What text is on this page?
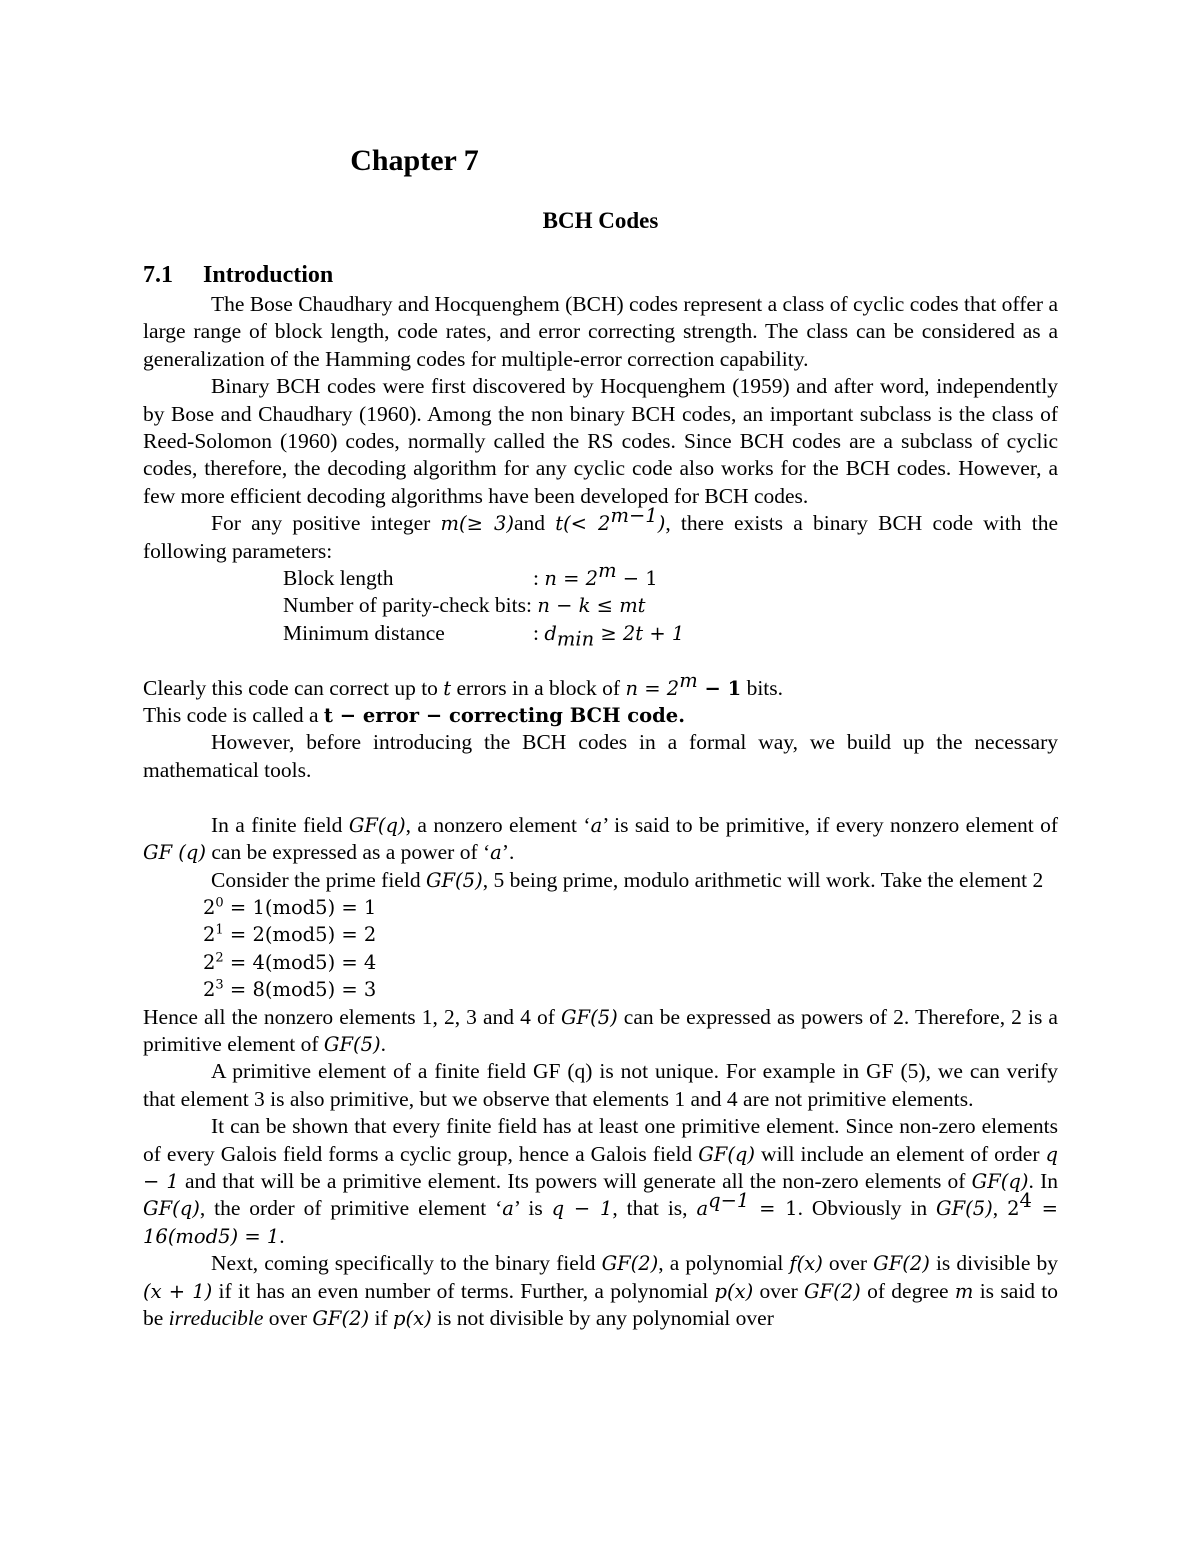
Chapter 7
BCH Codes
7.1 Introduction

The Bose Chaudhary and Hocquenghem (BCH) codes represent a class of cyclic codes that offer a large range of block length, code rates, and error correcting strength. The class can be considered as a generalization of the Hamming codes for multiple-error correction capability.

Binary BCH codes were first discovered by Hocquenghem (1959) and after word, independently by Bose and Chaudhary (1960). Among the non binary BCH codes, an important subclass is the class of Reed-Solomon (1960) codes, normally called the RS codes. Since BCH codes are a subclass of cyclic codes, therefore, the decoding algorithm for any cyclic code also works for the BCH codes. However, a few more efficient decoding algorithms have been developed for BCH codes.

For any positive integer m(≥ 3)and $t(< 2^{m-1})$, there exists a binary BCH code with the following parameters:

Block length	: $n = 2^m - 1$
Number of parity-check bits: n − k ≤ mt
Minimum distance	: $d_{min} \ge 2t + 1$

Clearly this code can correct up to t errors in a block of $n = 2^m - 1$ bits.

This code is called a t − error − correcting BCH code.

However, before introducing the BCH codes in a formal way, we build up the necessary mathematical tools.

In a finite field GF(q), a nonzero element ‘a’ is said to be primitive, if every nonzero element of GF (q) can be expressed as a power of ‘a’.

Consider the prime field GF(5), 5 being prime, modulo arithmetic will work. Take the element 2

$2^0 = 1(mod5) = 1$
$2^1 = 2(mod5) = 2$
$2^2 = 4(mod5) = 4$
$2^3 = 8(mod5) = 3$

Hence all the nonzero elements 1, 2, 3 and 4 of GF(5) can be expressed as powers of 2. Therefore, 2 is a primitive element of GF(5).

A primitive element of a finite field GF (q) is not unique. For example in GF (5), we can verify that element 3 is also primitive, but we observe that elements 1 and 4 are not primitive elements.

It can be shown that every finite field has at least one primitive element. Since non-zero elements of every Galois field forms a cyclic group, hence a Galois field GF(q) will include an element of order q − 1 and that will be a primitive element. Its powers will generate all the non-zero elements of GF(q). In GF(q), the order of primitive element ‘a’ is q − 1, that is, $a^{q-1} = 1$. Obviously in GF(5), $2^4 = 16(mod5) = 1$.

Next, coming specifically to the binary field GF(2), a polynomial f(x) over GF(2) is divisible by (x + 1) if it has an even number of terms. Further, a polynomial p(x) over GF(2) of degree m is said to be irreducible over GF(2) if p(x) is not divisible by any polynomial over
